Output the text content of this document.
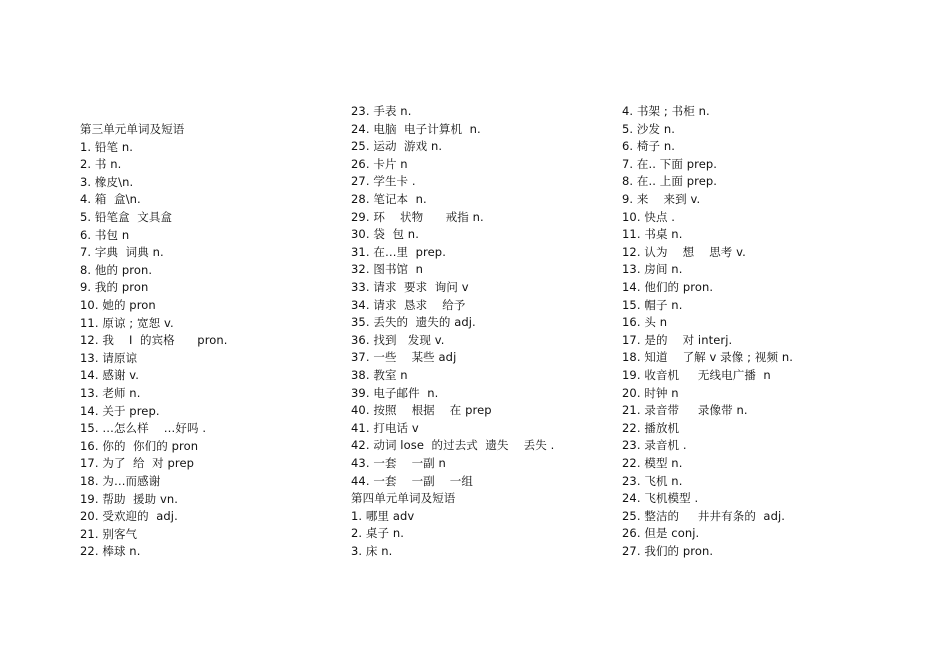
第三单元单词及短语
1. 铅笔 n.
2. 书 n.
3. 橡皮\n.
4. 箱  盒\n.
5. 铅笔盒  文具盒
6. 书包 n
7. 字典  词典 n.
8. 他的 pron.
9. 我的 pron
10. 她的 pron
11. 原谅 ; 宽恕 v.
12. 我    I  的宾格      pron.
13. 请原谅
14. 感谢 v.
13. 老师 n.
14. 关于 prep.
15. …怎么样    …好吗 .
16. 你的  你们的 pron
17. 为了  给  对 prep
18. 为…而感谢
19. 帮助  援助 vn.
20. 受欢迎的  adj.
21. 别客气
22. 棒球 n.
23. 手表 n.
24. 电脑  电子计算机  n.
25. 运动  游戏 n.
26. 卡片 n
27. 学生卡 .
28. 笔记本  n.
29. 环    状物      戒指 n.
30. 袋  包 n.
31. 在…里  prep.
32. 图书馆  n
33. 请求  要求  询问 v
34. 请求  恳求    给予
35. 丢失的  遗失的 adj.
36. 找到   发现 v.
37. 一些    某些 adj
38. 教室 n
39. 电子邮件  n.
40. 按照    根据    在 prep
41. 打电话 v
42. 动词 lose  的过去式  遗失    丢失 .
43. 一套    一副 n
44. 一套    一副    一组
第四单元单词及短语
1. 哪里 adv
2. 桌子 n.
3. 床 n.
4. 书架 ; 书柜 n.
5. 沙发 n.
6. 椅子 n.
7. 在.. 下面 prep.
8. 在.. 上面 prep.
9. 来    来到 v.
10. 快点 .
11. 书桌 n.
12. 认为    想    思考 v.
13. 房间 n.
14. 他们的 pron.
15. 帽子 n.
16. 头 n
17. 是的    对 interj.
18. 知道    了解 v 录像 ; 视频 n.
19. 收音机     无线电广播  n
20. 时钟 n
21. 录音带     录像带 n.
22. 播放机
23. 录音机 .
22. 模型 n.
23. 飞机 n.
24. 飞机模型 .
25. 整洁的     井井有条的  adj.
26. 但是 conj.
27. 我们的 pron.
